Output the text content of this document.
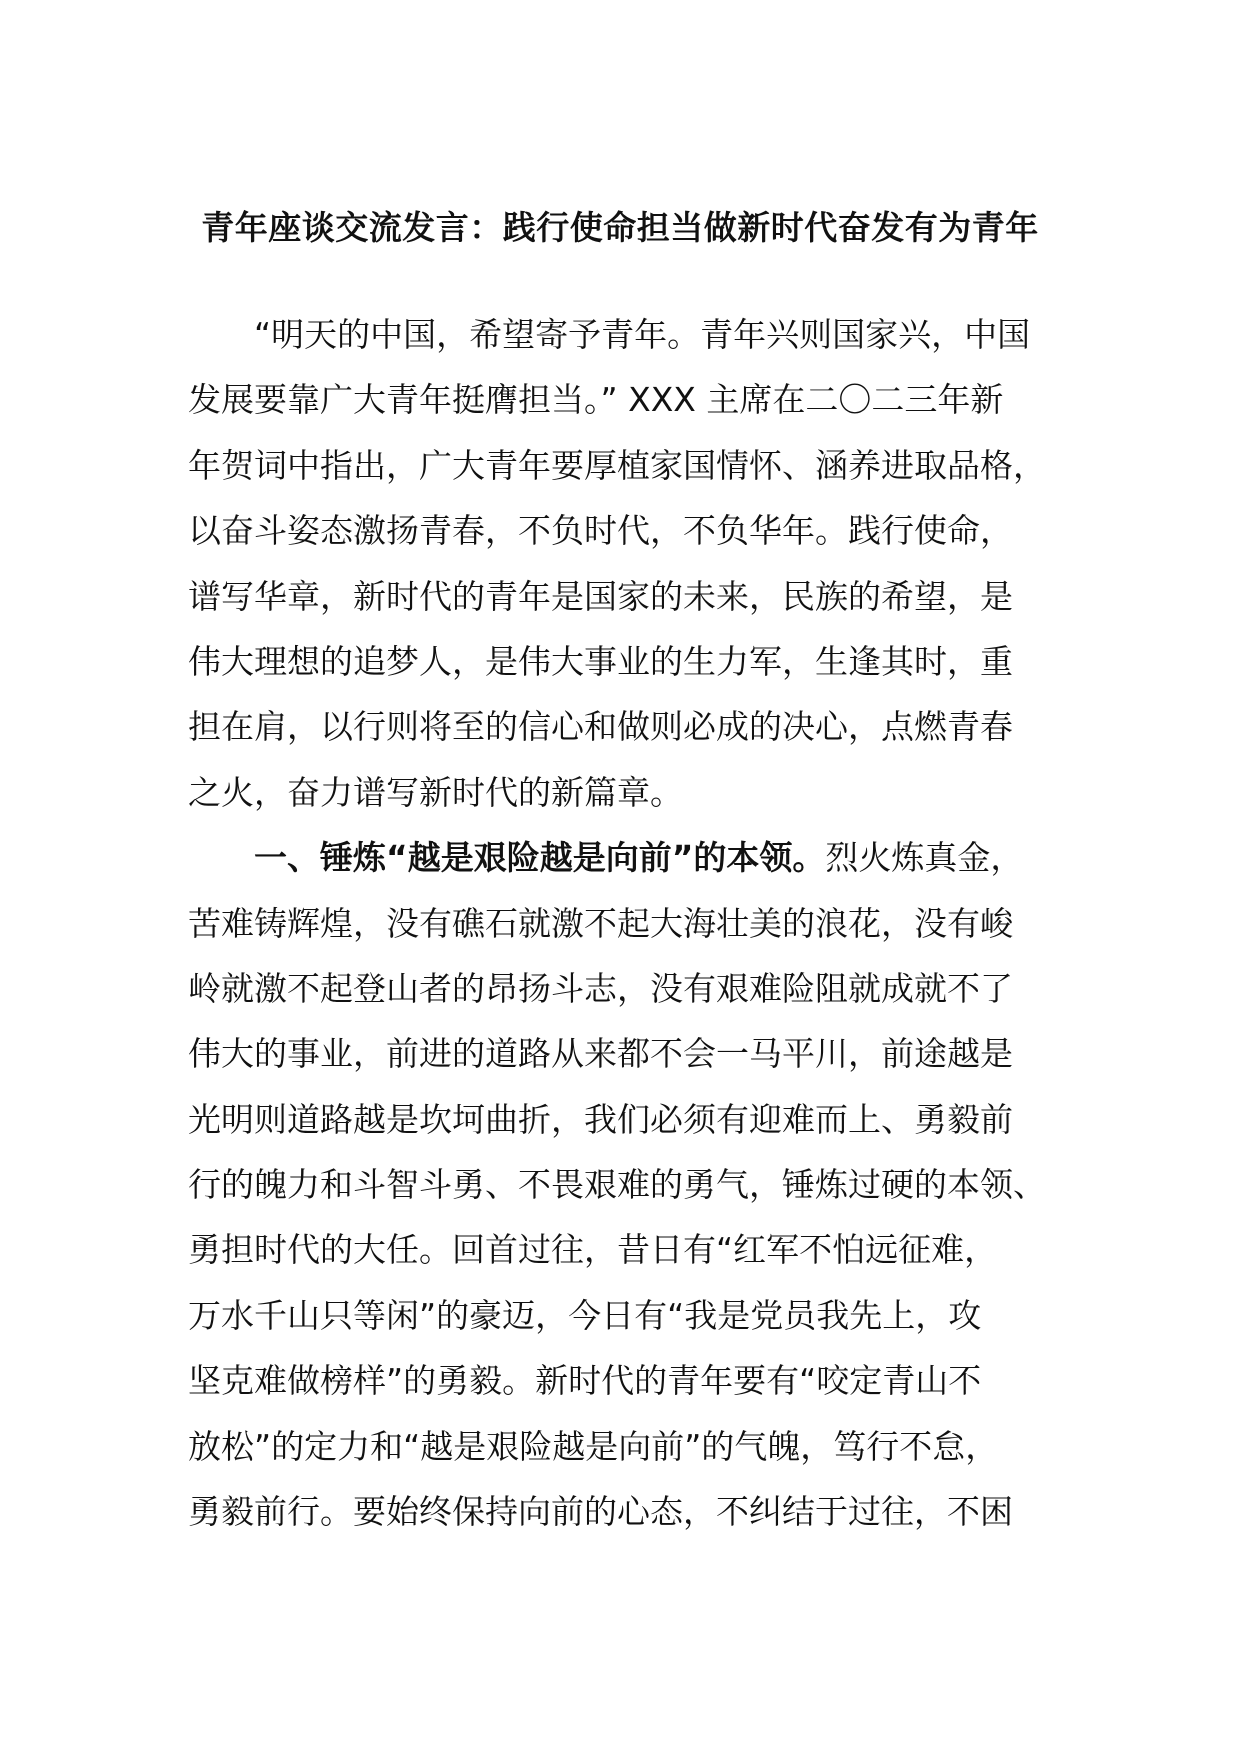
青年座谈交流发言：践行使命担当做新时代奋发有为青年
“明天的中国，希望寄予青年。青年兴则国家兴，中国
发展要靠广大青年挺膺担当。” XXX 主席在二〇二三年新
年贺词中指出，广大青年要厚植家国情怀、涵养进取品格，
以奋斗姿态激扬青春，不负时代，不负华年。践行使命，
谱写华章，新时代的青年是国家的未来，民族的希望，是
伟大理想的追梦人，是伟大事业的生力军，生逢其时，重
担在肩，以行则将至的信心和做则必成的决心，点燃青春
之火，奋力谱写新时代的新篇章。
一、锤炼“越是艰险越是向前”的本领。烈火炼真金，
苦难铸辉煌，没有礁石就激不起大海壮美的浪花，没有峻
岭就激不起登山者的昂扬斗志，没有艰难险阻就成就不了
伟大的事业，前进的道路从来都不会一马平川，前途越是
光明则道路越是坎坷曲折，我们必须有迎难而上、勇毅前
行的魄力和斗智斗勇、不畏艰难的勇气，锤炼过硬的本领、
勇担时代的大任。回首过往，昔日有“红军不怕远征难，
万水千山只等闲”的豪迈，今日有“我是党员我先上，攻
坚克难做榜样”的勇毅。新时代的青年要有“咬定青山不
放松”的定力和“越是艰险越是向前”的气魄，笃行不怠，
勇毅前行。要始终保持向前的心态，不纠结于过往，不困
